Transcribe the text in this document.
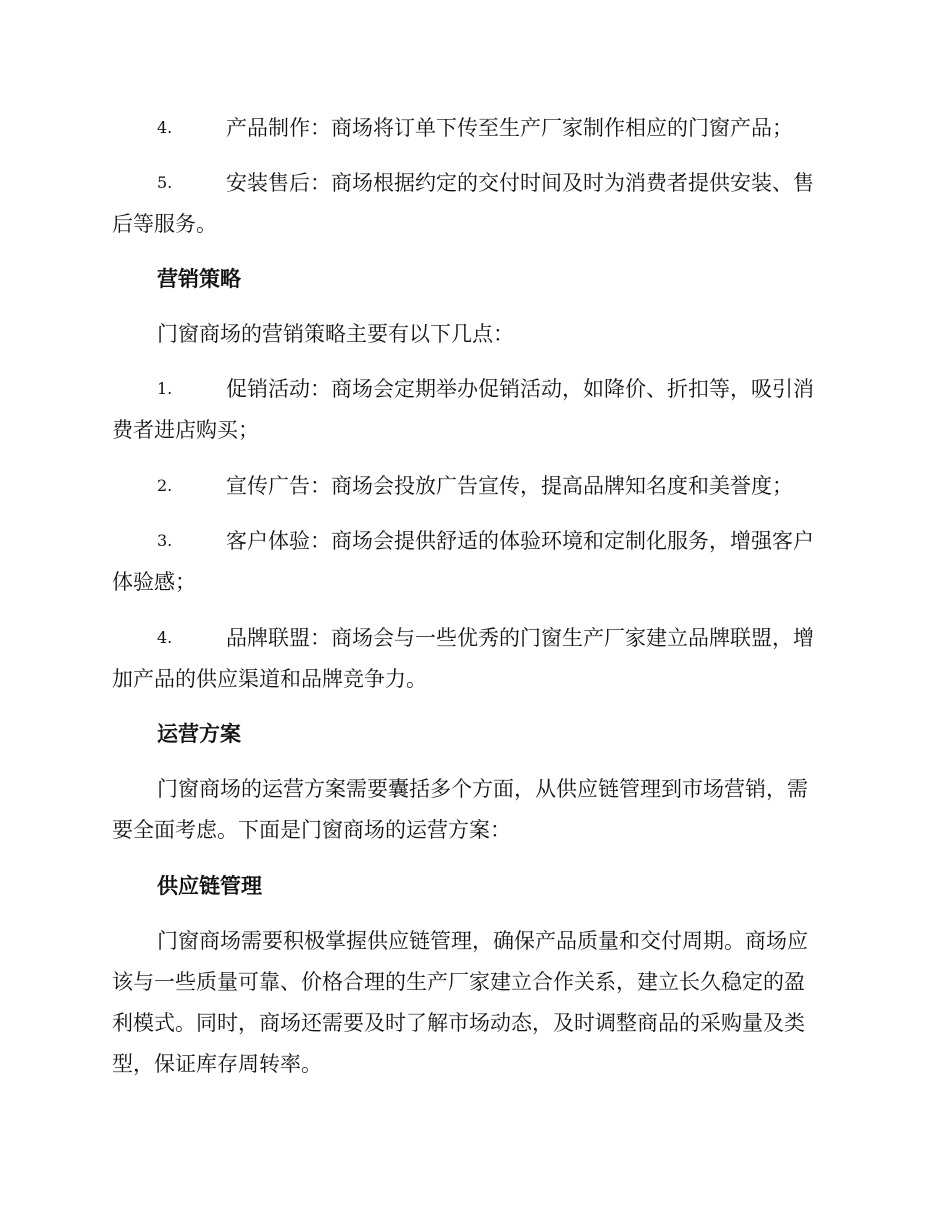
4.	产品制作：商场将订单下传至生产厂家制作相应的门窗产品；
5.	安装售后：商场根据约定的交付时间及时为消费者提供安装、售
后等服务。
营销策略
门窗商场的营销策略主要有以下几点：
1.	促销活动：商场会定期举办促销活动，如降价、折扣等，吸引消
费者进店购买；
2.	宣传广告：商场会投放广告宣传，提高品牌知名度和美誉度；
3.	客户体验：商场会提供舒适的体验环境和定制化服务，增强客户
体验感；
4.	品牌联盟：商场会与一些优秀的门窗生产厂家建立品牌联盟，增
加产品的供应渠道和品牌竞争力。
运营方案
门窗商场的运营方案需要囊括多个方面，从供应链管理到市场营销，需
要全面考虑。下面是门窗商场的运营方案：
供应链管理
门窗商场需要积极掌握供应链管理，确保产品质量和交付周期。商场应
该与一些质量可靠、价格合理的生产厂家建立合作关系，建立长久稳定的盈
利模式。同时，商场还需要及时了解市场动态，及时调整商品的采购量及类
型，保证库存周转率。
